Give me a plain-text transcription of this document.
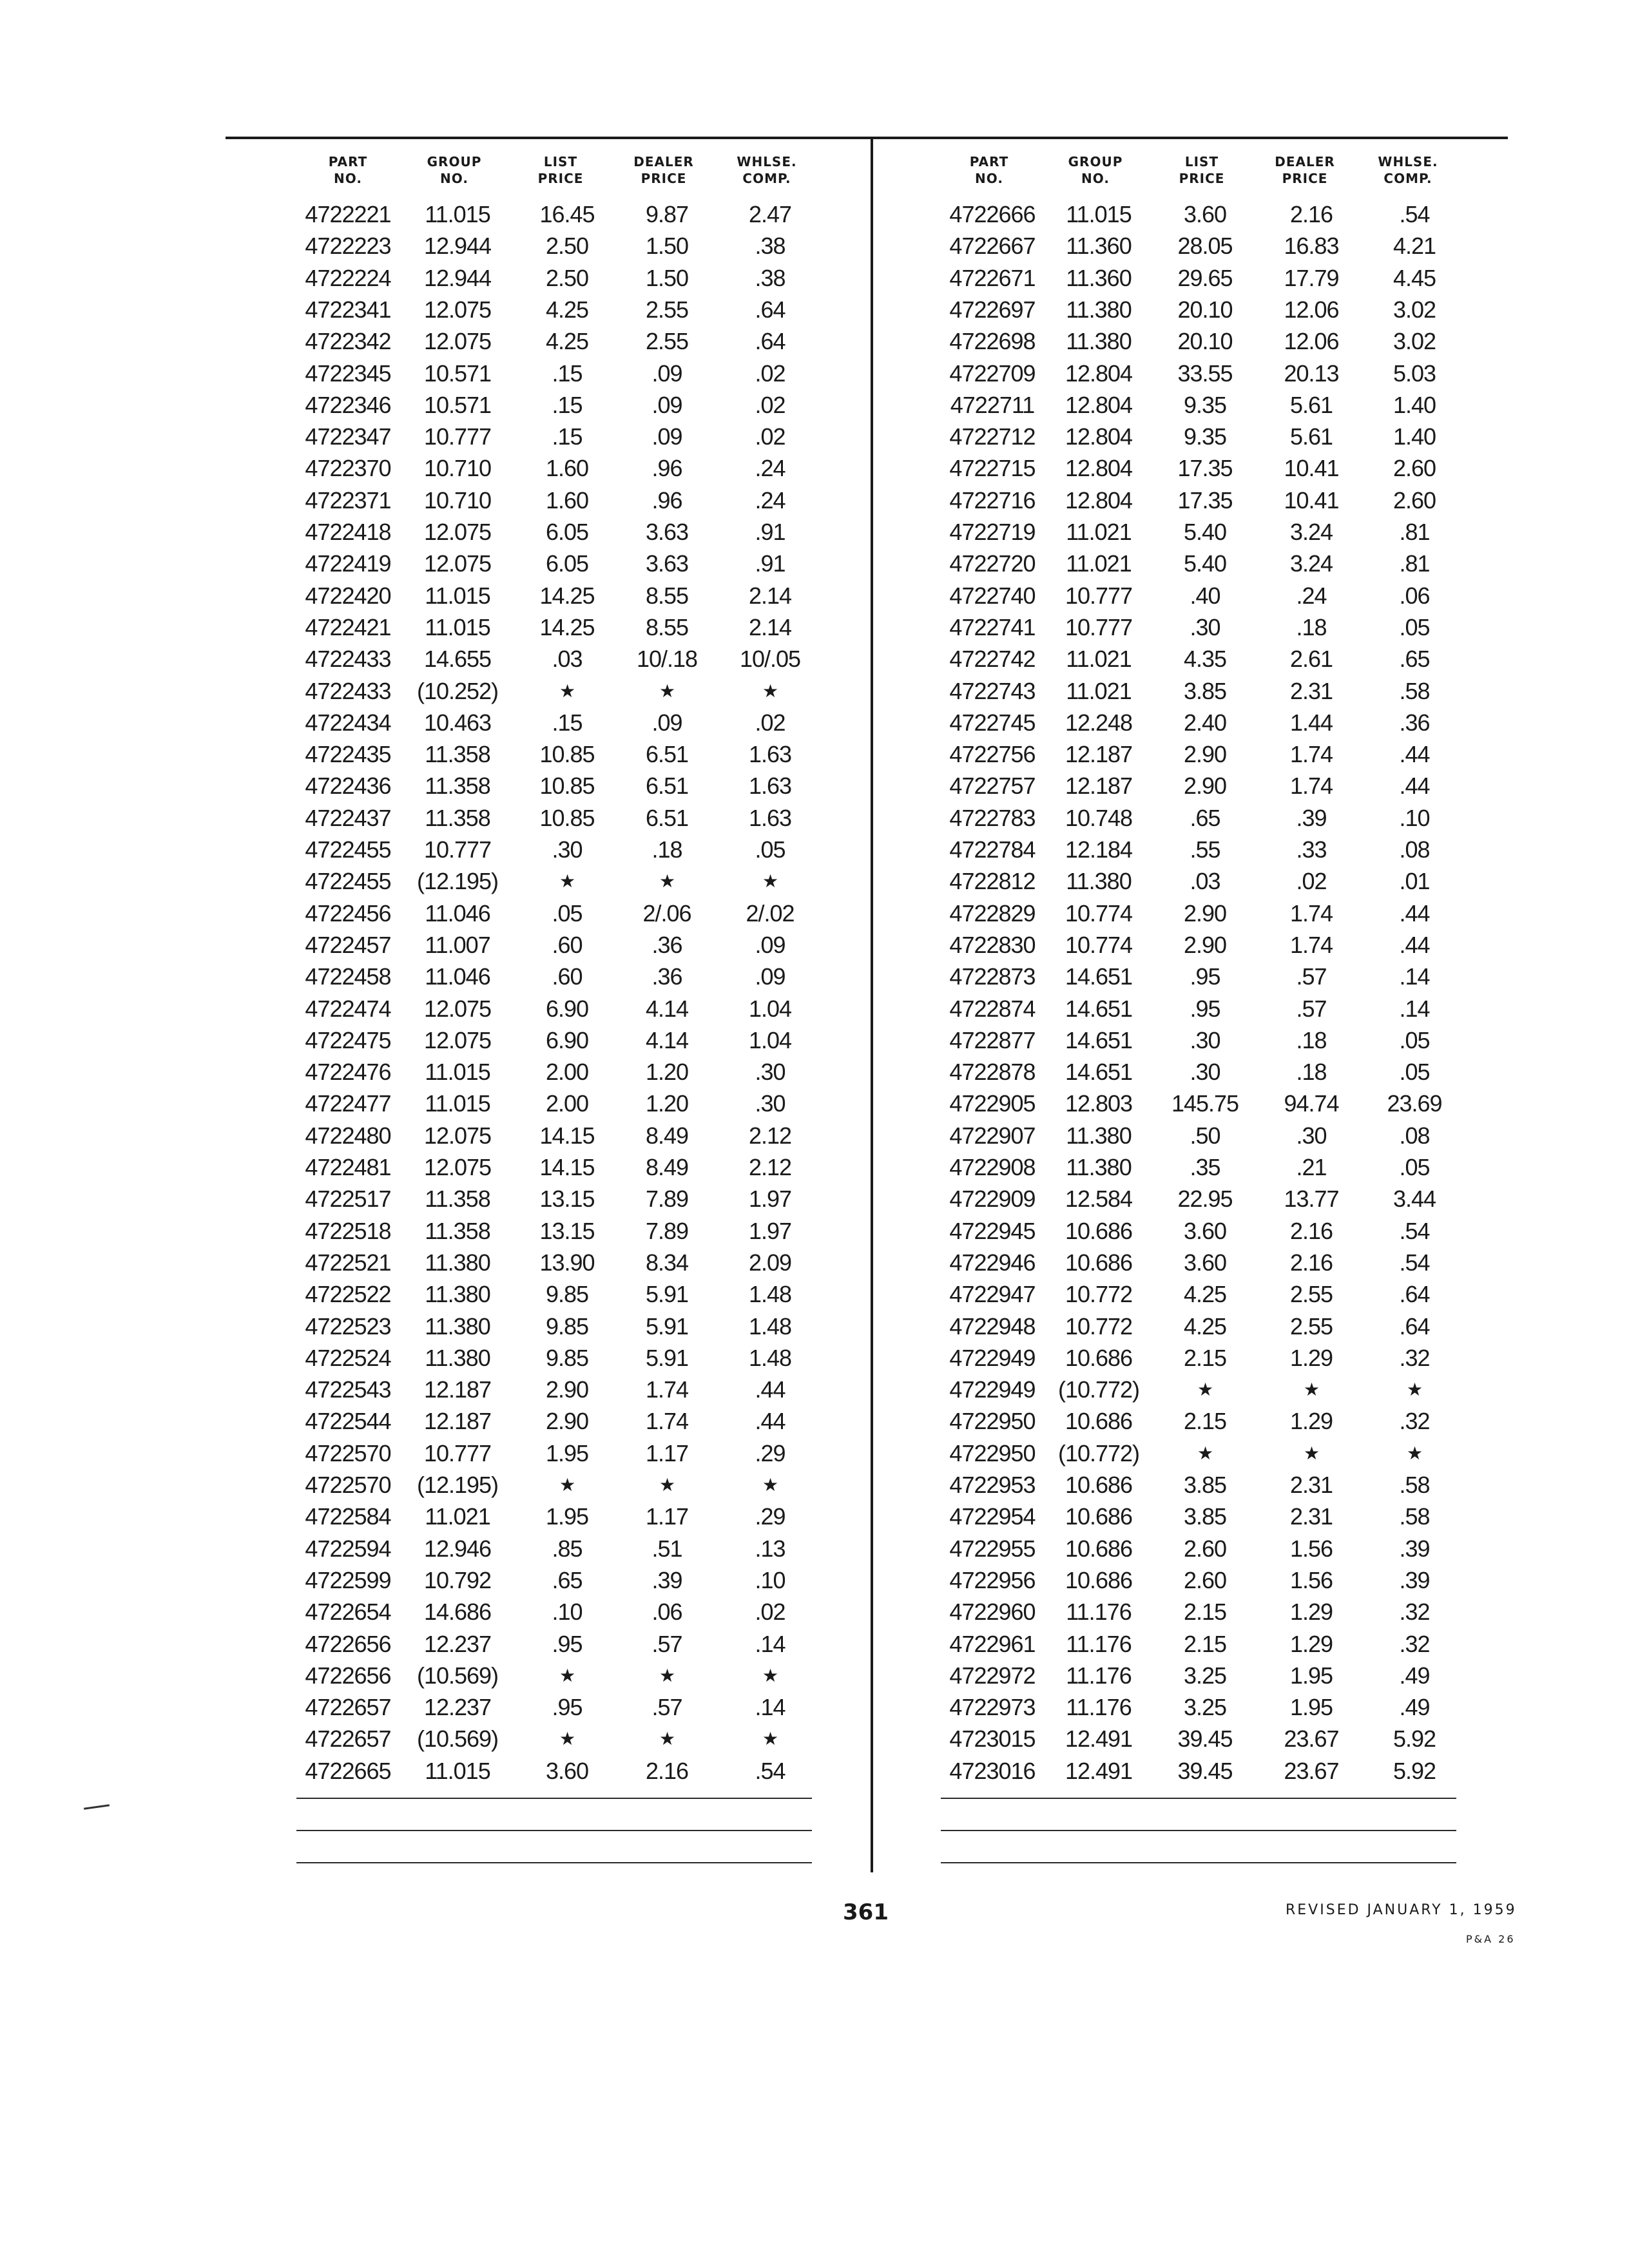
PART
NO.
GROUP
NO.
LIST
PRICE
DEALER
PRICE
WHLSE.
COMP.
4722221	11.015	16.45	9.87	2.47
4722223	12.944	2.50	1.50	.38
4722224	12.944	2.50	1.50	.38
4722341	12.075	4.25	2.55	.64
4722342	12.075	4.25	2.55	.64
4722345	10.571	.15	.09	.02
4722346	10.571	.15	.09	.02
4722347	10.777	.15	.09	.02
4722370	10.710	1.60	.96	.24
4722371	10.710	1.60	.96	.24
4722418	12.075	6.05	3.63	.91
4722419	12.075	6.05	3.63	.91
4722420	11.015	14.25	8.55	2.14
4722421	11.015	14.25	8.55	2.14
4722433	14.655	.03	10/.18	10/.05
4722433	(10.252)	★	★	★
4722434	10.463	.15	.09	.02
4722435	11.358	10.85	6.51	1.63
4722436	11.358	10.85	6.51	1.63
4722437	11.358	10.85	6.51	1.63
4722455	10.777	.30	.18	.05
4722455	(12.195)	★	★	★
4722456	11.046	.05	2/.06	2/.02
4722457	11.007	.60	.36	.09
4722458	11.046	.60	.36	.09
4722474	12.075	6.90	4.14	1.04
4722475	12.075	6.90	4.14	1.04
4722476	11.015	2.00	1.20	.30
4722477	11.015	2.00	1.20	.30
4722480	12.075	14.15	8.49	2.12
4722481	12.075	14.15	8.49	2.12
4722517	11.358	13.15	7.89	1.97
4722518	11.358	13.15	7.89	1.97
4722521	11.380	13.90	8.34	2.09
4722522	11.380	9.85	5.91	1.48
4722523	11.380	9.85	5.91	1.48
4722524	11.380	9.85	5.91	1.48
4722543	12.187	2.90	1.74	.44
4722544	12.187	2.90	1.74	.44
4722570	10.777	1.95	1.17	.29
4722570	(12.195)	★	★	★
4722584	11.021	1.95	1.17	.29
4722594	12.946	.85	.51	.13
4722599	10.792	.65	.39	.10
4722654	14.686	.10	.06	.02
4722656	12.237	.95	.57	.14
4722656	(10.569)	★	★	★
4722657	12.237	.95	.57	.14
4722657	(10.569)	★	★	★
4722665	11.015	3.60	2.16	.54
PART
NO.
GROUP
NO.
LIST
PRICE
DEALER
PRICE
WHLSE.
COMP.
4722666	11.015	3.60	2.16	.54
4722667	11.360	28.05	16.83	4.21
4722671	11.360	29.65	17.79	4.45
4722697	11.380	20.10	12.06	3.02
4722698	11.380	20.10	12.06	3.02
4722709	12.804	33.55	20.13	5.03
4722711	12.804	9.35	5.61	1.40
4722712	12.804	9.35	5.61	1.40
4722715	12.804	17.35	10.41	2.60
4722716	12.804	17.35	10.41	2.60
4722719	11.021	5.40	3.24	.81
4722720	11.021	5.40	3.24	.81
4722740	10.777	.40	.24	.06
4722741	10.777	.30	.18	.05
4722742	11.021	4.35	2.61	.65
4722743	11.021	3.85	2.31	.58
4722745	12.248	2.40	1.44	.36
4722756	12.187	2.90	1.74	.44
4722757	12.187	2.90	1.74	.44
4722783	10.748	.65	.39	.10
4722784	12.184	.55	.33	.08
4722812	11.380	.03	.02	.01
4722829	10.774	2.90	1.74	.44
4722830	10.774	2.90	1.74	.44
4722873	14.651	.95	.57	.14
4722874	14.651	.95	.57	.14
4722877	14.651	.30	.18	.05
4722878	14.651	.30	.18	.05
4722905	12.803	145.75	94.74	23.69
4722907	11.380	.50	.30	.08
4722908	11.380	.35	.21	.05
4722909	12.584	22.95	13.77	3.44
4722945	10.686	3.60	2.16	.54
4722946	10.686	3.60	2.16	.54
4722947	10.772	4.25	2.55	.64
4722948	10.772	4.25	2.55	.64
4722949	10.686	2.15	1.29	.32
4722949 (10.772)	★	★	★
4722950	10.686	2.15	1.29	.32
4722950 (10.772)	★	★	★
4722953	10.686	3.85	2.31	.58
4722954	10.686	3.85	2.31	.58
4722955	10.686	2.60	1.56	.39
4722956	10.686	2.60	1.56	.39
4722960	11.176	2.15	1.29	.32
4722961	11.176	2.15	1.29	.32
4722972	11.176	3.25	1.95	.49
4722973	11.176	3.25	1.95	.49
4723015	12.491	39.45	23.67	5.92
4723016	12.491	39.45	23.67	5.92
361	REVISED JANUARY 1, 1959
P&A 26
